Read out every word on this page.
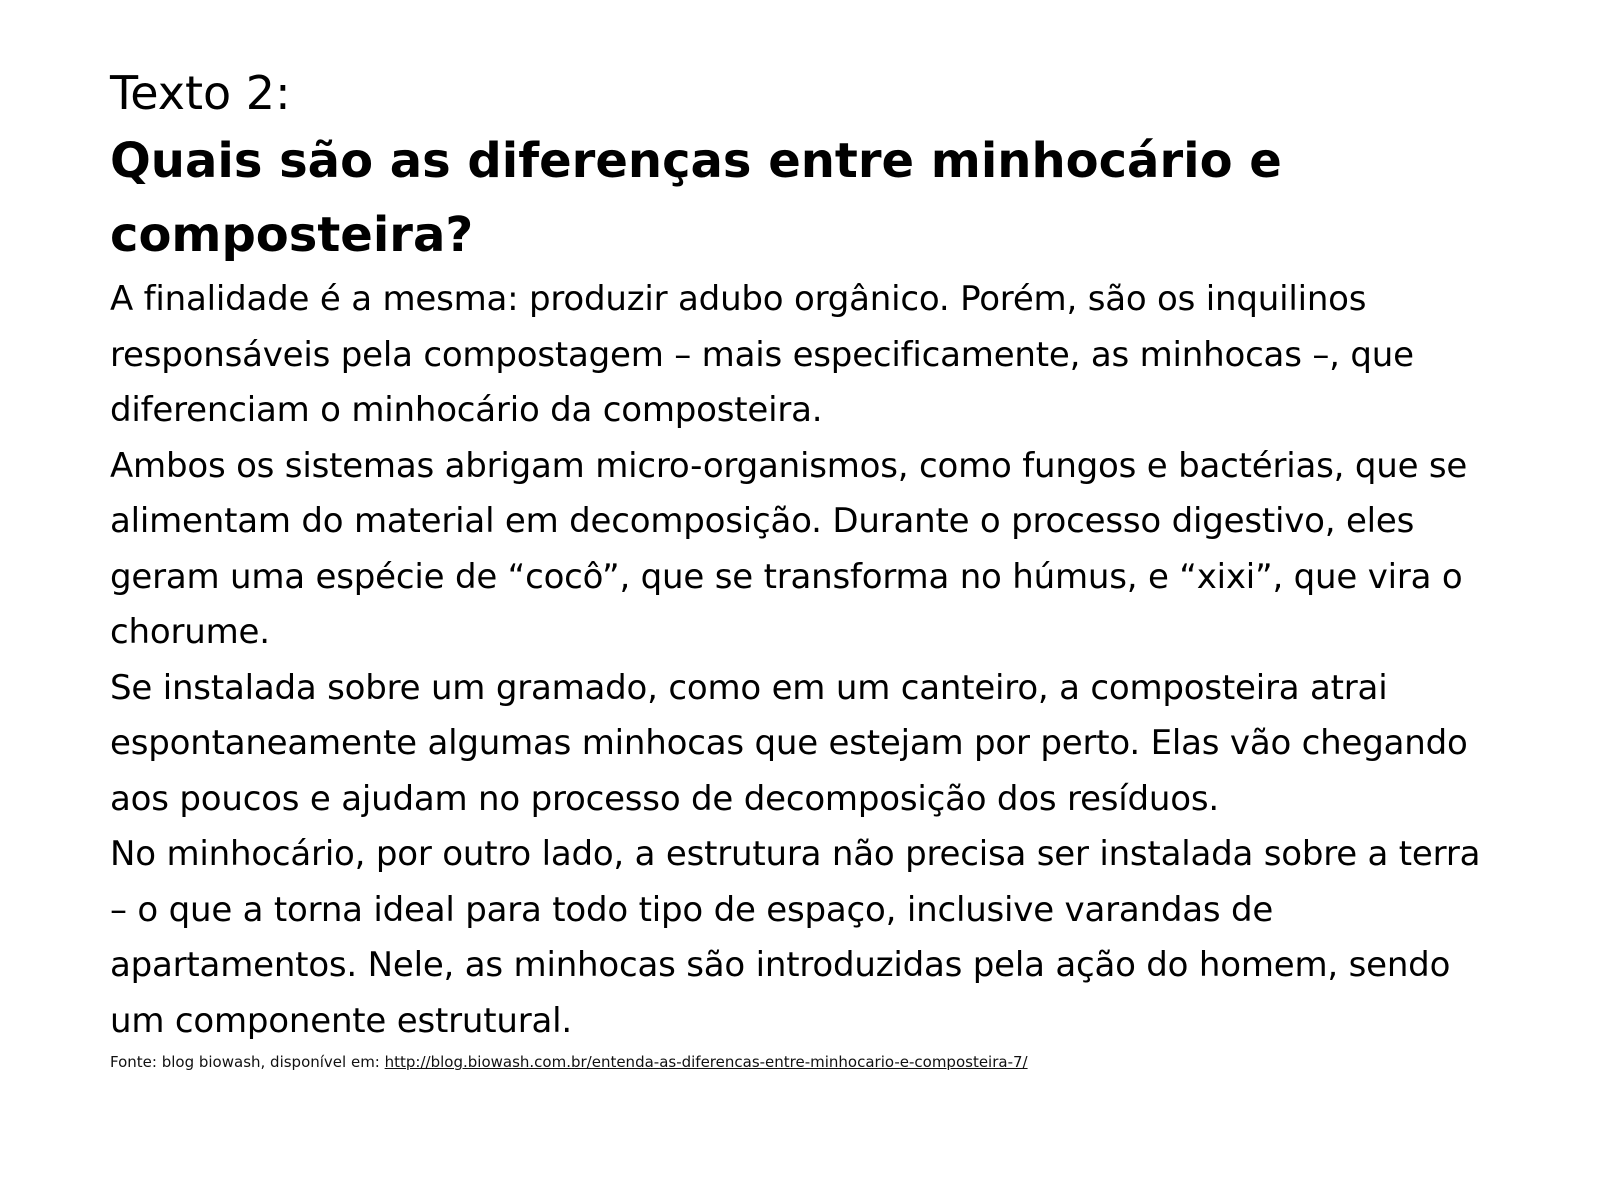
Texto 2:
Quais são as diferenças entre minhocário e composteira?

A finalidade é a mesma: produzir adubo orgânico. Porém, são os inquilinos responsáveis pela compostagem – mais especificamente, as minhocas –, que diferenciam o minhocário da composteira.

Ambos os sistemas abrigam micro-organismos, como fungos e bactérias, que se alimentam do material em decomposição. Durante o processo digestivo, eles geram uma espécie de “cocô”, que se transforma no húmus, e “xixi”, que vira o chorume.

Se instalada sobre um gramado, como em um canteiro, a composteira atrai espontaneamente algumas minhocas que estejam por perto. Elas vão chegando aos poucos e ajudam no processo de decomposição dos resíduos.

No minhocário, por outro lado, a estrutura não precisa ser instalada sobre a terra – o que a torna ideal para todo tipo de espaço, inclusive varandas de apartamentos. Nele, as minhocas são introduzidas pela ação do homem, sendo um componente estrutural.

Fonte: blog biowash, disponível em: http://blog.biowash.com.br/entenda-as-diferencas-entre-minhocario-e-composteira-7/
